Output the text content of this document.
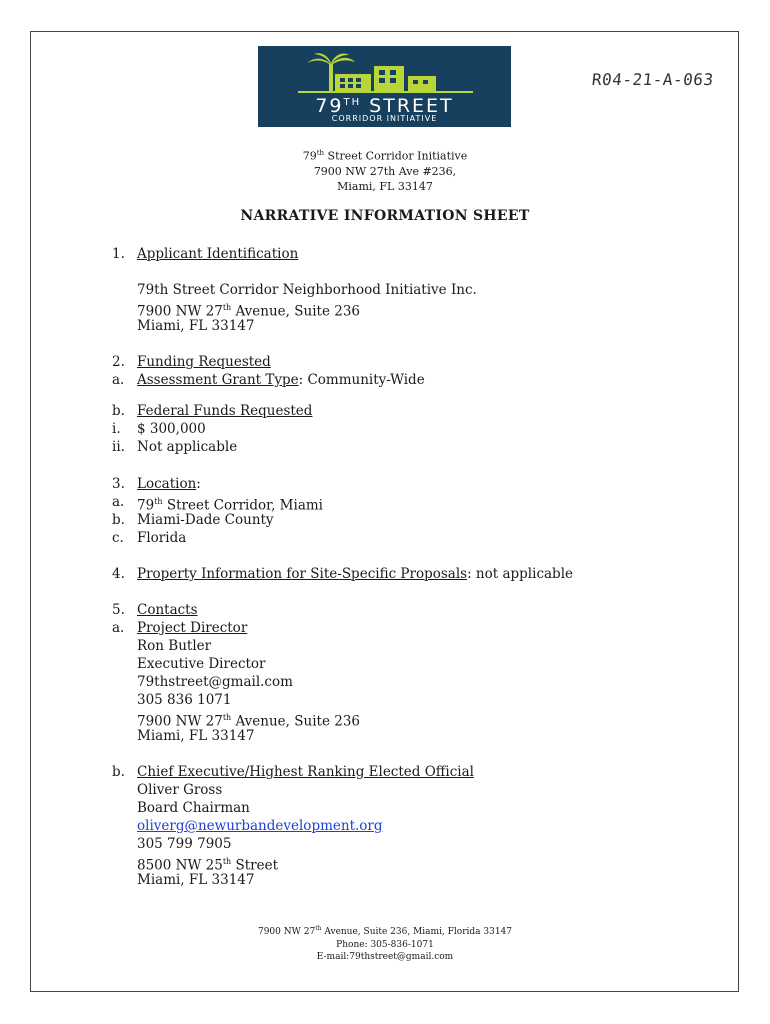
79TH STREET
CORRIDOR INITIATIVE
R04-21-A-063
79th Street Corridor Initiative
7900 NW 27th Ave #236,
Miami, FL 33147
NARRATIVE INFORMATION SHEET
1. Applicant Identification
79th Street Corridor Neighborhood Initiative Inc.
7900 NW 27th Avenue, Suite 236
Miami, FL 33147
2. Funding Requested
a. Assessment Grant Type: Community-Wide
b. Federal Funds Requested
i. $ 300,000
ii. Not applicable
3. Location:
a. 79th Street Corridor, Miami
b. Miami-Dade County
c. Florida
4. Property Information for Site-Specific Proposals: not applicable
5. Contacts
a. Project Director
Ron Butler
Executive Director
79thstreet@gmail.com
305 836 1071
7900 NW 27th Avenue, Suite 236
Miami, FL 33147
b. Chief Executive/Highest Ranking Elected Official
Oliver Gross
Board Chairman
oliverg@newurbandevelopment.org
305 799 7905
8500 NW 25th Street
Miami, FL 33147
7900 NW 27th Avenue, Suite 236, Miami, Florida 33147
Phone: 305-836-1071
E-mail:79thstreet@gmail.com
